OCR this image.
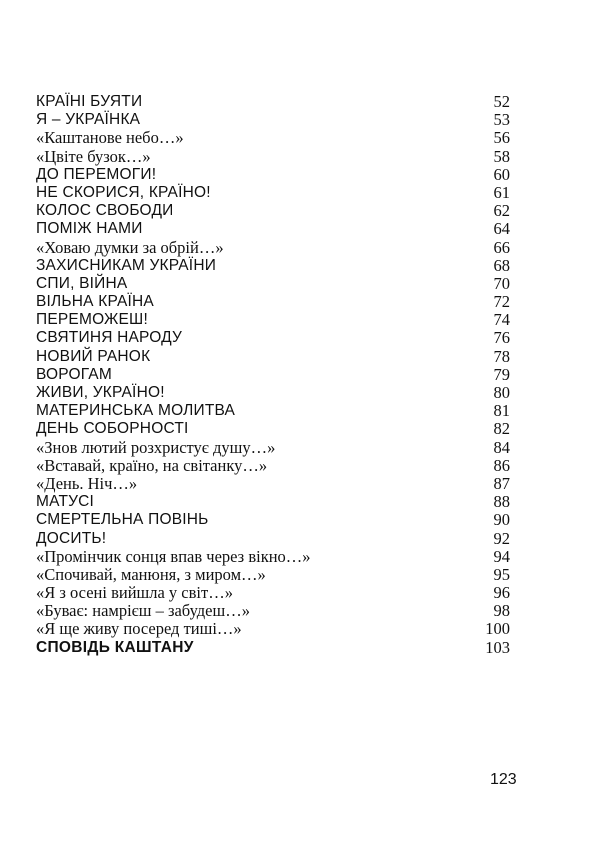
КРАЇНІ БУЯТИ	52
Я – УКРАЇНКА	53
«Каштанове небо…»	56
«Цвіте бузок…»	58
ДО ПЕРЕМОГИ!	60
НЕ СКОРИСЯ, КРАЇНО!	61
КОЛОС СВОБОДИ	62
ПОМІЖ НАМИ	64
«Ховаю думки за обрій…»	66
ЗАХИСНИКАМ УКРАЇНИ	68
СПИ, ВІЙНА	70
ВІЛЬНА КРАЇНА	72
ПЕРЕМОЖЕШ!	74
СВЯТИНЯ НАРОДУ	76
НОВИЙ РАНОК	78
ВОРОГАМ	79
ЖИВИ, УКРАЇНО!	80
МАТЕРИНСЬКА МОЛИТВА	81
ДЕНЬ СОБОРНОСТІ	82
«Знов лютий розхристує душу…»	84
«Вставай, країно, на світанку…»	86
«День. Ніч…»	87
МАТУСІ	88
СМЕРТЕЛЬНА ПОВІНЬ	90
ДОСИТЬ!	92
«Промінчик сонця впав через вікно…»	94
«Спочивай, манюня, з миром…»	95
«Я з осені вийшла у світ…»	96
«Буває: намрієш – забудеш…»	98
«Я ще живу посеред тиші…»	100
СПОВІДЬ КАШТАНУ	103
123
